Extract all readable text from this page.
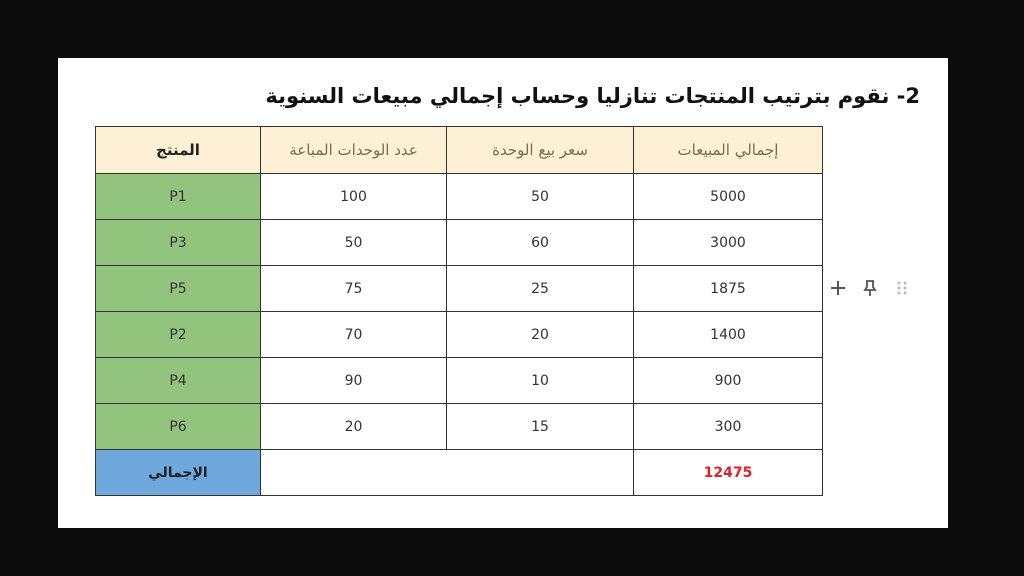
2- نقوم بترتيب المنتجات تنازليا وحساب إجمالي مبيعات السنوية
المنتج	عدد الوحدات المباعة	سعر بيع الوحدة	إجمالي المبيعات
P1	100	50	5000
P3	50	60	3000
P5	75	25	1875
P2	70	20	1400
P4	90	10	900
P6	20	15	300
الإجمالي			12475
